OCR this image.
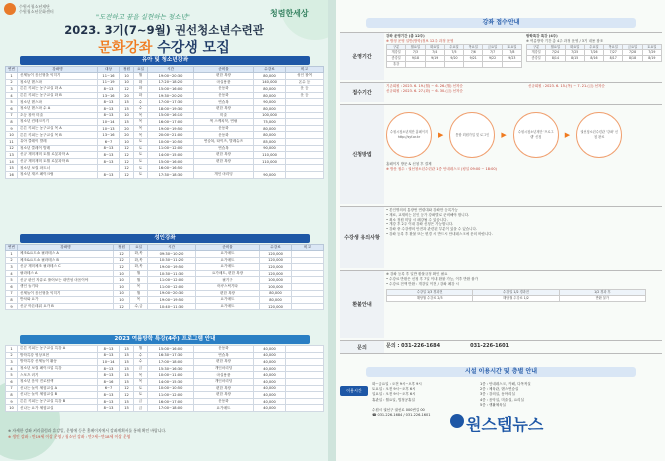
수원시청소년재단
수원청소년문화센터
"도전하고 꿈을 실현하는 청소년"	청렴한세상
2023. 3기(7~9월) 권선청소년수련관
문화강좌 수강생 모집
유아 및 청소년강좌
연번	강좌명	대상	정원	요일	시간	준비물	수강료	비고
1	신체놀이 음신형을 익히기	11~16	10	월	19:00~20:30	편한 복장	80,000	성인 참여
2	청소년 댄스파	11~19	10	화	17:20~18:20	마실용품	140,000	온수 등
3	튼튼 키피는 농구교실 화 A	8~13	12	화	15:00~16:00	운동화	80,000	운 등
4	튼튼 키피는 농구교실 화 B	13~16	20	화	19:30~20:20	운동화	80,000	운 등
5	청소년 댄스파	8~13	15	수	17:00~17:30	연습복	90,000	
6	청소년 댄스파 수 A	8~13	15	수	18:00~19:30	편한 복장	80,000	
7	초등 창작 미술	8~13	10	목	15:00~16:10	미술	100,000	
8	청소년 컨테크키기	10~14	15	목	16:00~17:00	색 스케치북, 연필	75,000	
9	튼튼 키피는 농구교실 목 A	10~13	20	목	19:00~19:50	운동화	80,000	
10	튼튼 키피는 농구교실 목 B	13~16	20	목	20:00~21:00	운동화	80,000	
11	유아 클레이 발레	6~7	10	토	10:00~10:50	연습복, 타이즈, 발레슈즈	85,000	
12	청소년 클레이 발레	8~13	12	토	11:00~12:00	연습복	90,000	
13	신규 재미재미 토월 로봇과학 A	8~13	12	토	14:00~15:00	편한 복장	110,000	
14	신규 재미재미 토월 로봇과학 B	8~13	12	토	15:00~16:00	편한 복장	110,000	
15	청소년 보컬 파트너		12	토	16:00~16:50			
16	청소년 재즈 페이크립	8~13	12	토	17:30~18:30	개인 마리딩	90,000	
성인강좌
연번	강좌명	정원	요일	시간	준비물	수강료	비고
1	체조&요도쇼 필라테스 A	12	화,목	09:30~10:20	요가매트	120,000	
2	체조&요도쇼 필라테스 B	12	화,목	10:30~11:20	요가매트	120,000	
3	신규 재미체조 필라테스 C	12	화,목	19:00~19:50	요가매트	120,000	
4	필라테스 A	10	월	10:30~11:30	요가매트, 편한 복장	120,000	
5	신규 판인 자유로 풀어보는 내면성 마음이야	10	월	11:00~12:00	필기구	100,000	
6	생인 놀기타	10	목	11:00~12:00	어쿠스틱기타	100,000	
7	신체놀이 음신형을 익히기	10	월	19:00~20:30	편한 복장	80,000	
8	반차와 요가	10	목	19:00~19:50	요가매트	80,000	
9	신규 아픈데위 요가 B	12	수,금	10:40~11:30	요가매트	120,000	
2023 여름방학 특강(4주) 프로그램 안내
1	튼튼 키피는 농구교실 특강 A	8~13	15	월	15:00~16:00	운동화	40,000	
2	방학특강 영상표현	8~13	15	수	16:30~17:30	연습복	40,000	
3	방학특강 신체놀이 활동	10~14	15	수	17:00~18:00	편한 복장	40,000	
4	청소년 보컬 페이크업 특강	8~13	15	금	15:30~16:30	개인마리딩	40,000	
5	스포츠 러기	8~13	15	목	10:00~11:00	마실용품	40,000	
6	청소년 음악 진로탐색	8~16	15	목	14:00~15:30	개인마리딩	40,000	
7	신나는 놀이 체험교실 A	6~7	12	토	10:00~10:50	편한 복장	40,000	
8	신나는 놀이 체험교실 B	8~13	12	토	11:00~12:00	편한 복장	40,000	
9	튼튼 키피는 농구교실 특강 B	8~13	15	금	16:00~17:00	운동화	40,000	
10	신나는 요가 체험교실	8~13	15	금	17:00~18:00	요가매트	40,000	
※ 자세한 강좌 커리큘럼과 휴강일, 운영에 등은 홈페이지에서 강좌계획서를 통해 확인 바랍니다.
※ 생인 강좌 : 만19세 이상 운영 / 청소년 강좌 : 만7세~만18세 이상 운영
강좌 접수안내
운영기간
강좌 운영기간 (총 12주)
※ 방정 운영 일반(방학)정보 12주 과정 운영
구분	월요일	화요일	수요일	목요일	금요일	토요일
개강일	7/3	7/4	7/5	7/6	7/7	7/8
종강일	9/18	9/19	9/20	9/21	9/22	9/23
휴강						
방학특강 특강 (4주)
※ 여름방학 기간 총 4주 과정 운영 / 3기 내용 참조
구분	월요일	화요일	수요일	목요일	금요일	토요일
개강일	7/24	7/25	7/26	7/27	7/28	7/29
종강일	8/14	8/15	8/16	8/17	8/18	8/19
접수기간
기존회원 : 2023. 6. 19.(월) ~ 6. 26.(월) 선착순
신규회원 : 2023. 6. 27.(화) ~ 6. 30.(금) 선착순
신규회원 : 2023. 6. 15.(목) ~ 7. 21.(금) 선착순
신청방법
수원시청소년재단 홈페이지 http://syf.or.kr	▶	통합 회원가입 및 로그인	▶	수원시청소년재단 '프로그램' 신청	▶	권선청소년수련관 '강좌' 신청 완료
홈페이지 방문 & 신청 후 결제
※ 방문 접수 : 권선청소년수련관 1층 안내데스크 (평일 09:00 ~ 18:00)
수강생 유의사항
• 본인명의의 통장번 연령대와 강좌만 등록가능
• 재료, 교재비는 본인 등가 강좌별로 준비해야 합니다.
• 최소 정원 미달 시 폐강될 수 있습니다.
• 개강 후 2주 이내 강좌 신청은 가능합니다.
• 강좌 중 수강생의 안전과 관련된 부분이 있을 수 있습니다.
• 강좌 등록 후 환불 또는 변경 시 반드시 안내데스크에 문의 바랍니다.
환불안내
※ 강좌 등록 후 일반 환불규정 확인 필요
• 수강료 반환은 신청 후 7일 이내 환불 가능, 이후 반환 불가
• 수강료 전액 반환 : 개강일 이전 / 강좌 폐강 시
수강일 1/3 경과전	수강일 1/2 경과전	1/2 경과 후
해당월 수강료 2/3	해당월 수강료 1/2	반환 불가
문의	문의 : 031-226-1684	031-226-1601
시설 이용시간 및 층별 안내
이용시간
화~금요일 : 오전 9시~오후 9시
토요일 : 오전 9시~오후 6시
일요일 : 오전 9시~오후 6시
휴관일 : 월요일, 법정공휴일
1층 : 안내데스크, 카페, 다목적실
2층 : 체육관, 댄스연습실
3층 : 강의실, 동아리실
4층 : 음악실, 미술실, 요리실
5층 : 생활체육실
수원시 권선구 권선로 000번길 00
☎ 031-226-1684 / 031-226-1601	원스텝뉴스
